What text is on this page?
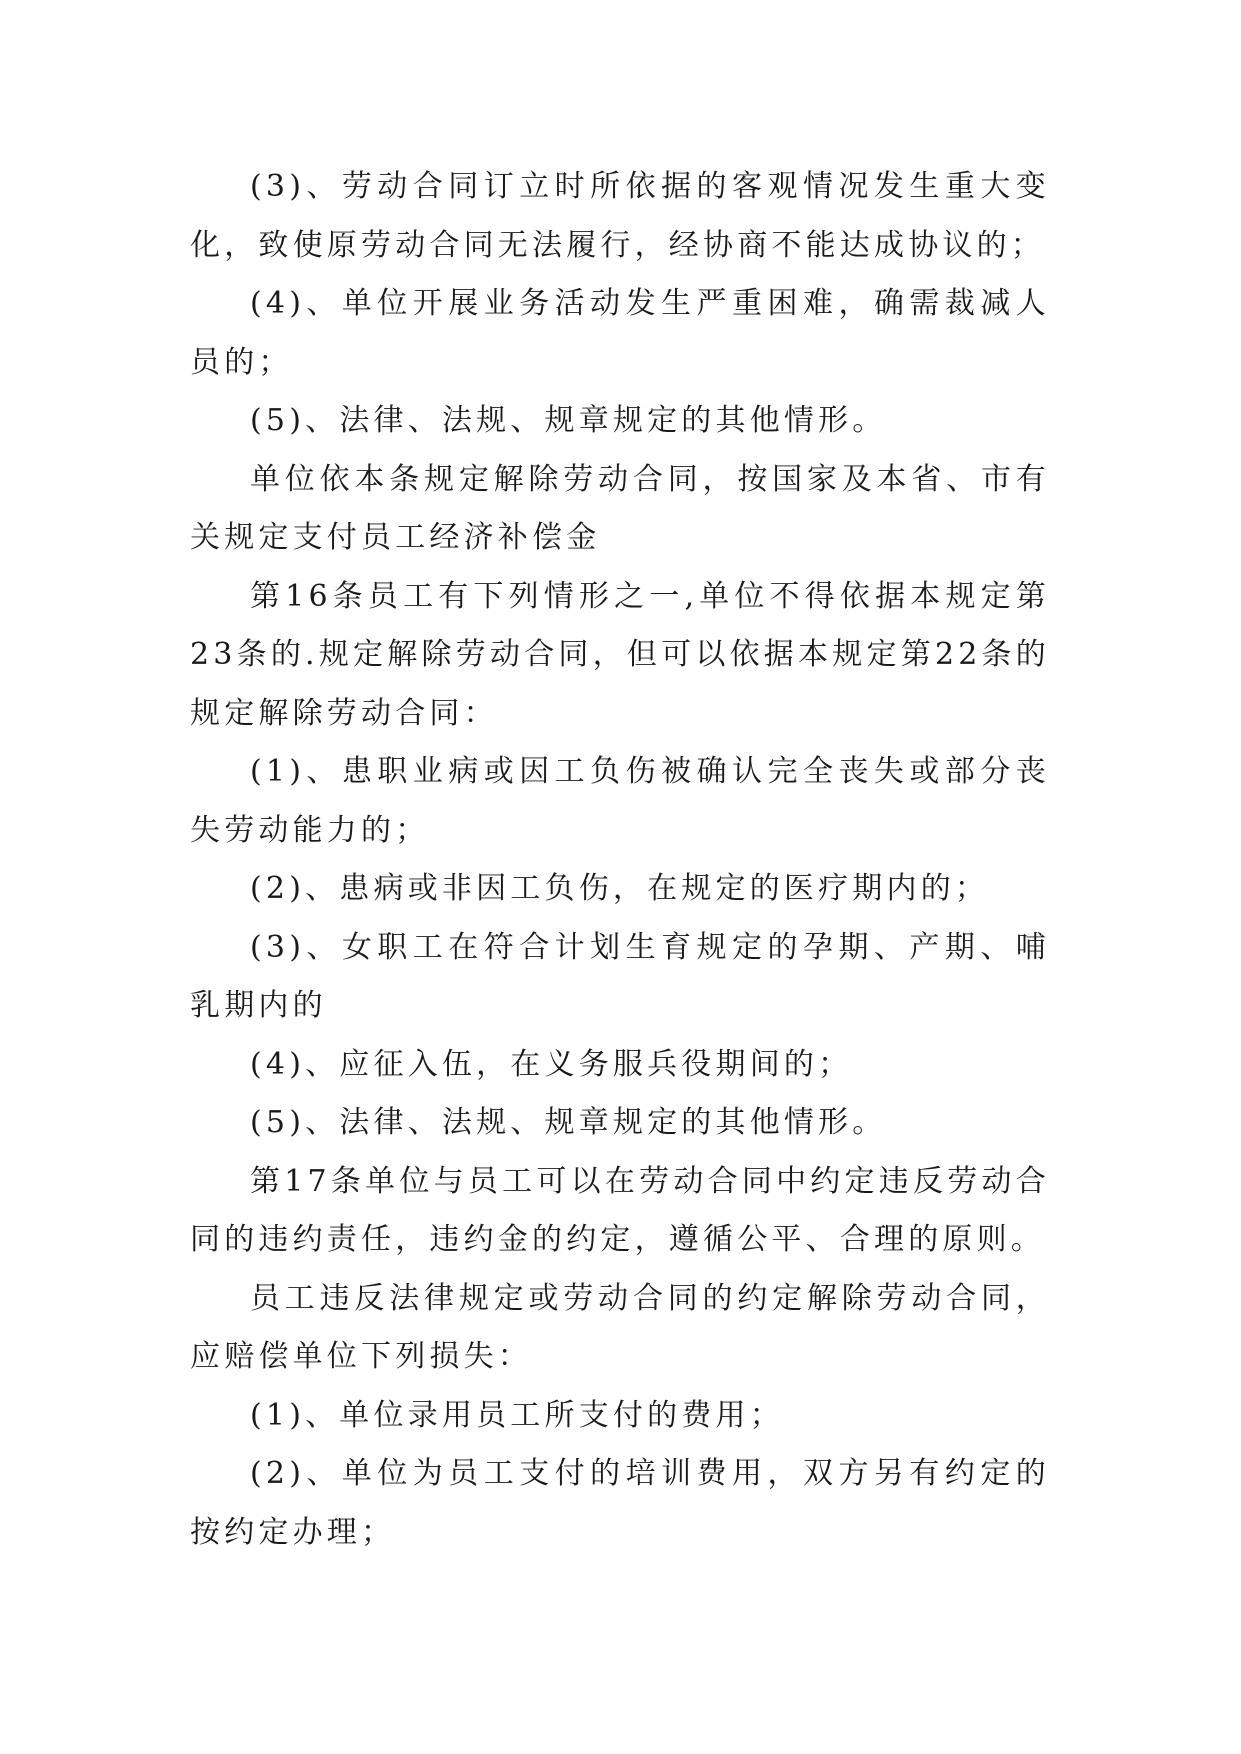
(3)、劳动合同订立时所依据的客观情况发生重大变化，致使原劳动合同无法履行，经协商不能达成协议的；

(4)、单位开展业务活动发生严重困难，确需裁减人员的；

(5)、法律、法规、规章规定的其他情形。

单位依本条规定解除劳动合同，按国家及本省、市有关规定支付员工经济补偿金

第16条员工有下列情形之一,单位不得依据本规定第23条的.规定解除劳动合同，但可以依据本规定第22条的规定解除劳动合同：

(1)、患职业病或因工负伤被确认完全丧失或部分丧失劳动能力的；

(2)、患病或非因工负伤，在规定的医疗期内的；

(3)、女职工在符合计划生育规定的孕期、产期、哺乳期内的

(4)、应征入伍，在义务服兵役期间的；

(5)、法律、法规、规章规定的其他情形。

第17条单位与员工可以在劳动合同中约定违反劳动合同的违约责任，违约金的约定，遵循公平、合理的原则。

员工违反法律规定或劳动合同的约定解除劳动合同，应赔偿单位下列损失：

(1)、单位录用员工所支付的费用；

(2)、单位为员工支付的培训费用，双方另有约定的按约定办理；
